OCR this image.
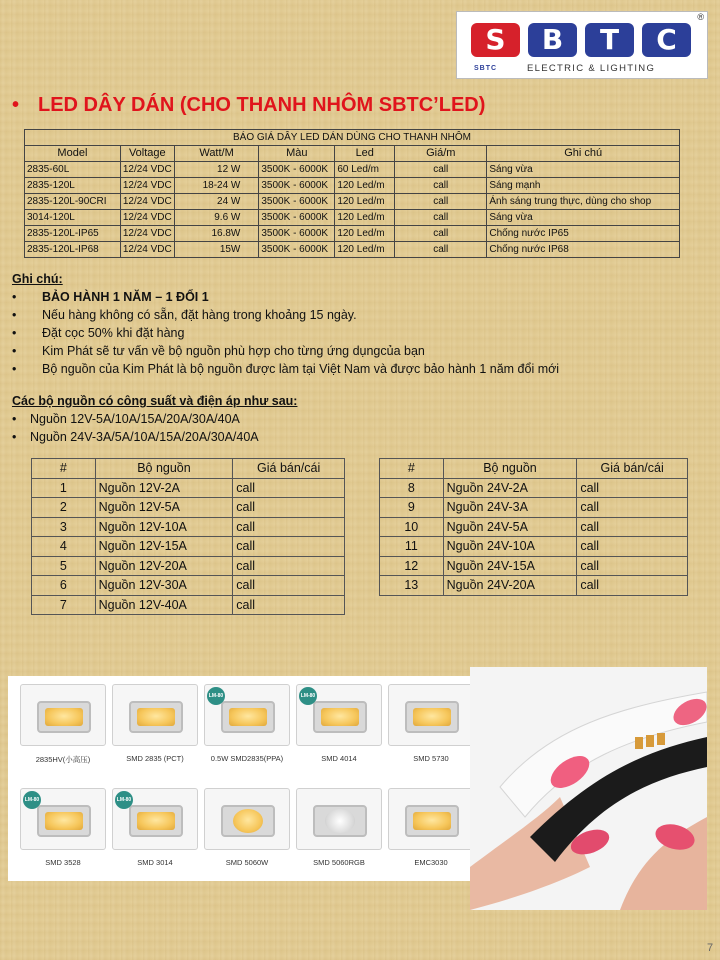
S	B	T	C
®
SBTC	ELECTRIC & LIGHTING
• LED DÂY DÁN (CHO THANH NHÔM SBTC’LED)
BÁO GIÁ DÂY LED DÁN DÙNG CHO THANH NHÔM						
Model	Voltage	Watt/M	Màu	Led	Giá/m	Ghi chú
2835-60L	12/24 VDC	12 W	3500K - 6000K	60 Led/m	call	Sáng vừa
2835-120L	12/24 VDC	18-24 W	3500K - 6000K	120 Led/m	call	Sáng mạnh
2835-120L-90CRI	12/24 VDC	24 W	3500K - 6000K	120 Led/m	call	Ánh sáng trung thực, dùng cho shop
3014-120L	12/24 VDC	9.6 W	3500K - 6000K	120 Led/m	call	Sáng vừa
2835-120L-IP65	12/24 VDC	16.8W	3500K - 6000K	120 Led/m	call	Chống nước IP65
2835-120L-IP68	12/24 VDC	15W	3500K - 6000K	120 Led/m	call	Chống nước IP68
Ghi chú:
• BẢO HÀNH 1 NĂM – 1 ĐỔI 1
• Nếu hàng không có sẵn, đặt hàng trong khoảng 15 ngày.
• Đặt cọc 50% khi đặt hàng
• Kim Phát sẽ tư vấn về bộ nguồn phù hợp cho từng ứng dụngcủa bạn
• Bộ nguồn của Kim Phát là bộ nguồn được làm tại Việt Nam và được bảo hành 1 năm đổi mới
Các bộ nguồn có công suất và điện áp như sau:
• Nguồn 12V-5A/10A/15A/20A/30A/40A
• Nguồn 24V-3A/5A/10A/15A/20A/30A/40A
#	Bộ nguồn	Giá bán/cái
1	Nguồn 12V-2A	call
2	Nguồn 12V-5A	call
3	Nguồn 12V-10A	call
4	Nguồn 12V-15A	call
5	Nguồn 12V-20A	call
6	Nguồn 12V-30A	call
7	Nguồn 12V-40A	call
#	Bộ nguồn	Giá bán/cái
8	Nguồn 24V-2A	call
9	Nguồn 24V-3A	call
10	Nguồn 24V-5A	call
11	Nguồn 24V-10A	call
12	Nguồn 24V-15A	call
13	Nguồn 24V-20A	call
2835HV(小高压)	SMD 2835 (PCT)
LM-80
0.5W SMD2835(PPA)
LM-80
SMD 4014	SMD 5730
LM-80
SMD 3528
LM-80
SMD 3014	SMD 5060W	SMD 5060RGB	EMC3030
7
